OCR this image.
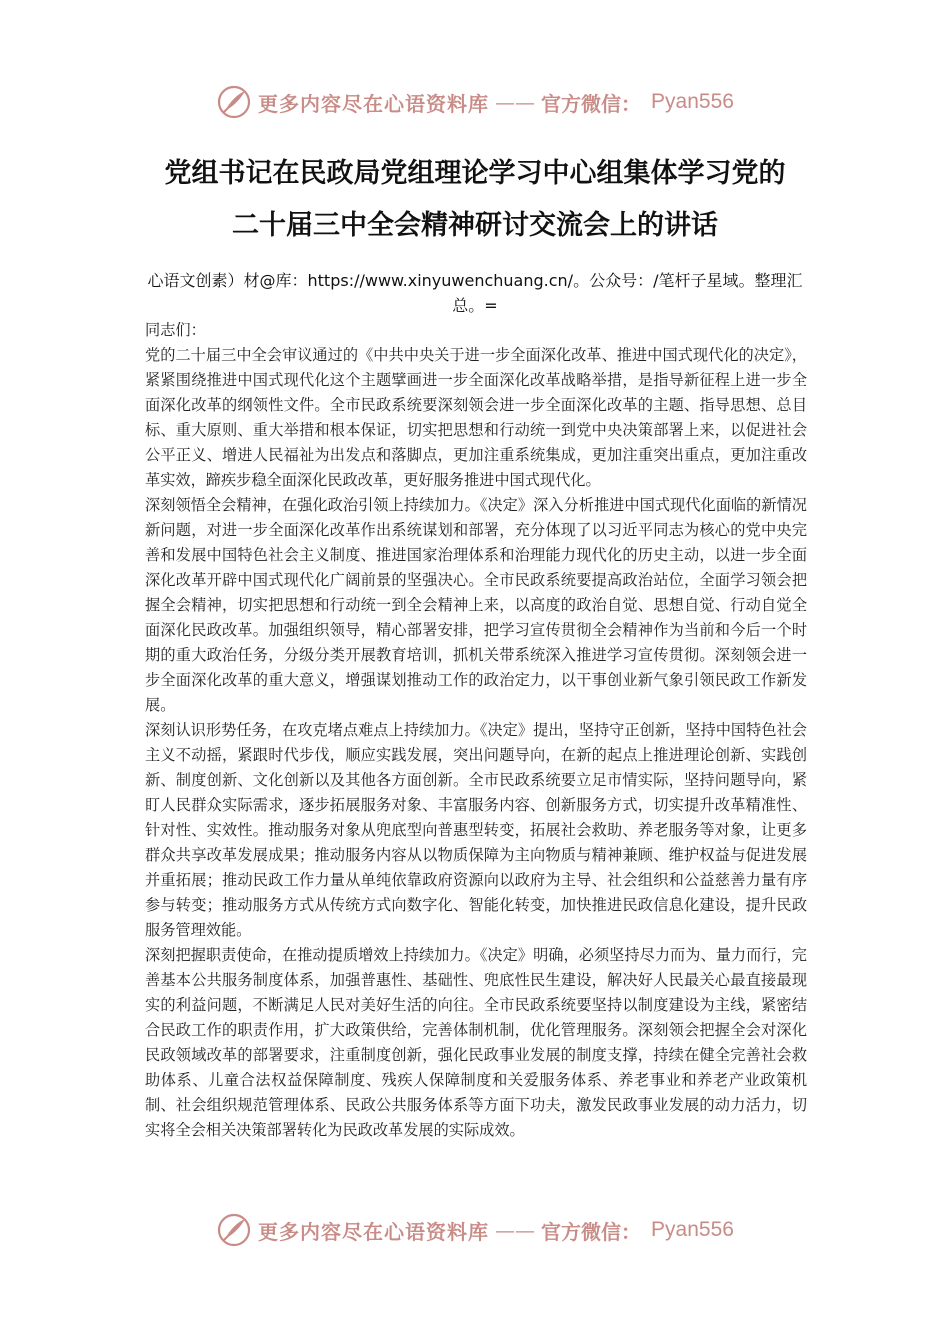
更多内容尽在心语资料库 —— 官方微信： Pyan556
党组书记在民政局党组理论学习中心组集体学习党的
二十届三中全会精神研讨交流会上的讲话
心语文创素）材@库：https://www.xinyuwenchuang.cn/。公众号：/笔杆子星域。整理汇总。=

同志们：

党的二十届三中全会审议通过的《中共中央关于进一步全面深化改革、推进中国式现代化的决定》，紧紧围绕推进中国式现代化这个主题擘画进一步全面深化改革战略举措，是指导新征程上进一步全面深化改革的纲领性文件。全市民政系统要深刻领会进一步全面深化改革的主题、指导思想、总目标、重大原则、重大举措和根本保证，切实把思想和行动统一到党中央决策部署上来，以促进社会公平正义、增进人民福祉为出发点和落脚点，更加注重系统集成，更加注重突出重点，更加注重改革实效，蹄疾步稳全面深化民政改革，更好服务推进中国式现代化。

深刻领悟全会精神，在强化政治引领上持续加力。《决定》深入分析推进中国式现代化面临的新情况新问题，对进一步全面深化改革作出系统谋划和部署，充分体现了以习近平同志为核心的党中央完善和发展中国特色社会主义制度、推进国家治理体系和治理能力现代化的历史主动，以进一步全面深化改革开辟中国式现代化广阔前景的坚强决心。全市民政系统要提高政治站位，全面学习领会把握全会精神，切实把思想和行动统一到全会精神上来，以高度的政治自觉、思想自觉、行动自觉全面深化民政改革。加强组织领导，精心部署安排，把学习宣传贯彻全会精神作为当前和今后一个时期的重大政治任务，分级分类开展教育培训，抓机关带系统深入推进学习宣传贯彻。深刻领会进一步全面深化改革的重大意义，增强谋划推动工作的政治定力，以干事创业新气象引领民政工作新发展。

深刻认识形势任务，在攻克堵点难点上持续加力。《决定》提出，坚持守正创新，坚持中国特色社会主义不动摇，紧跟时代步伐，顺应实践发展，突出问题导向，在新的起点上推进理论创新、实践创新、制度创新、文化创新以及其他各方面创新。全市民政系统要立足市情实际，坚持问题导向，紧盯人民群众实际需求，逐步拓展服务对象、丰富服务内容、创新服务方式，切实提升改革精准性、针对性、实效性。推动服务对象从兜底型向普惠型转变，拓展社会救助、养老服务等对象，让更多群众共享改革发展成果；推动服务内容从以物质保障为主向物质与精神兼顾、维护权益与促进发展并重拓展；推动民政工作力量从单纯依靠政府资源向以政府为主导、社会组织和公益慈善力量有序参与转变；推动服务方式从传统方式向数字化、智能化转变，加快推进民政信息化建设，提升民政服务管理效能。

深刻把握职责使命，在推动提质增效上持续加力。《决定》明确，必须坚持尽力而为、量力而行，完善基本公共服务制度体系，加强普惠性、基础性、兜底性民生建设，解决好人民最关心最直接最现实的利益问题，不断满足人民对美好生活的向往。全市民政系统要坚持以制度建设为主线，紧密结合民政工作的职责作用，扩大政策供给，完善体制机制，优化管理服务。深刻领会把握全会对深化民政领域改革的部署要求，注重制度创新，强化民政事业发展的制度支撑，持续在健全完善社会救助体系、儿童合法权益保障制度、残疾人保障制度和关爱服务体系、养老事业和养老产业政策机制、社会组织规范管理体系、民政公共服务体系等方面下功夫，激发民政事业发展的动力活力，切实将全会相关决策部署转化为民政改革发展的实际成效。

更多内容尽在心语资料库 —— 官方微信： Pyan556
